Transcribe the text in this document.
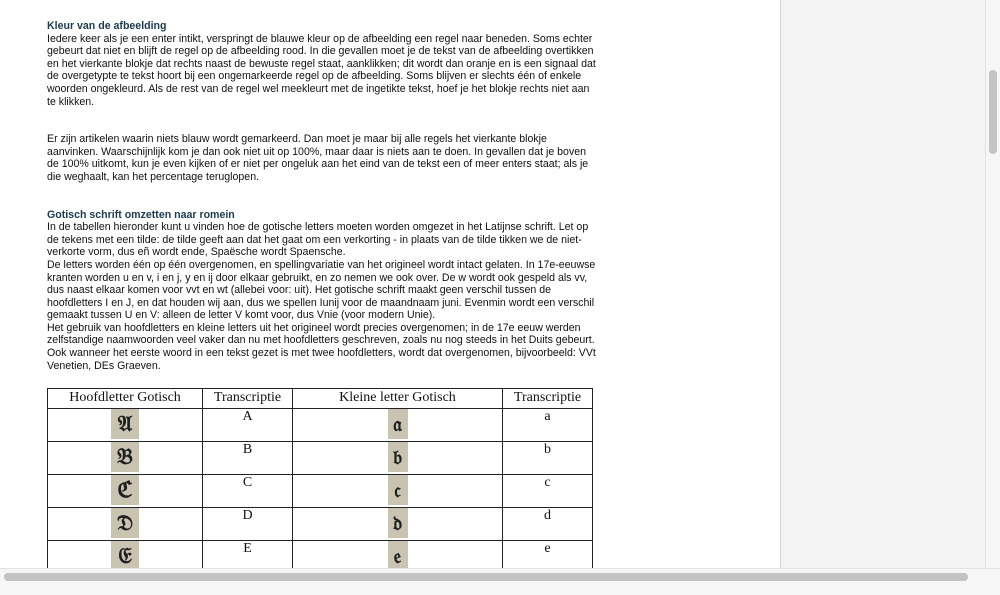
Kleur van de afbeelding
Iedere keer als je een enter intikt, verspringt de blauwe kleur op de afbeelding een regel naar beneden. Soms echter gebeurt dat niet en blijft de regel op de afbeelding rood. In die gevallen moet je de tekst van de afbeelding overtikken en het vierkante blokje dat rechts naast de bewuste regel staat, aanklikken; dit wordt dan oranje en is een signaal dat de overgetypte te tekst hoort bij een ongemarkeerde regel op de afbeelding. Soms blijven er slechts één of enkele woorden ongekleurd. Als de rest van de regel wel meekleurt met de ingetikte tekst, hoef je het blokje rechts niet aan te klikken.
Er zijn artikelen waarin niets blauw wordt gemarkeerd. Dan moet je maar bij alle regels het vierkante blokje aanvinken. Waarschijnlijk kom je dan ook niet uit op 100%, maar daar is niets aan te doen. In gevallen dat je boven de 100% uitkomt, kun je even kijken of er niet per ongeluk aan het eind van de tekst een of meer enters staat; als je die weghaalt, kan het percentage teruglopen.
Gotisch schrift omzetten naar romein
In de tabellen hieronder kunt u vinden hoe de gotische letters moeten worden omgezet in het Latijnse schrift. Let op de tekens met een tilde: de tilde geeft aan dat het gaat om een verkorting - in plaats van de tilde tikken we de niet-verkorte vorm, dus eñ wordt ende, Spaësche wordt Spaensche.
De letters worden één op één overgenomen, en spellingvariatie van het origineel wordt intact gelaten. In 17e-eeuwse kranten worden u en v, i en j, y en ij door elkaar gebruikt, en zo nemen we ook over. De w wordt ook gespeld als vv, dus naast elkaar komen voor vvt en wt (allebei voor: uit). Het gotische schrift maakt geen verschil tussen de hoofdletters I en J, en dat houden wij aan, dus we spellen Iunij voor de maandnaam juni. Evenmin wordt een verschil gemaakt tussen U en V: alleen de letter V komt voor, dus Vnie (voor modern Unie).
Het gebruik van hoofdletters en kleine letters uit het origineel wordt precies overgenomen; in de 17e eeuw werden zelfstandige naamwoorden veel vaker dan nu met hoofdletters geschreven, zoals nu nog steeds in het Duits gebeurt. Ook wanneer het eerste woord in een tekst gezet is met twee hoofdletters, wordt dat overgenomen, bijvoorbeeld: VVt Venetien, DEs Graeven.
Hoofdletter Gotisch	Transcriptie	Kleine letter Gotisch	Transcriptie
𝔄	A	𝔞	a
𝔅	B	𝔟	b
ℭ	C	𝔠	c
𝔇	D	𝔡	d
𝔈	E	𝔢	e
